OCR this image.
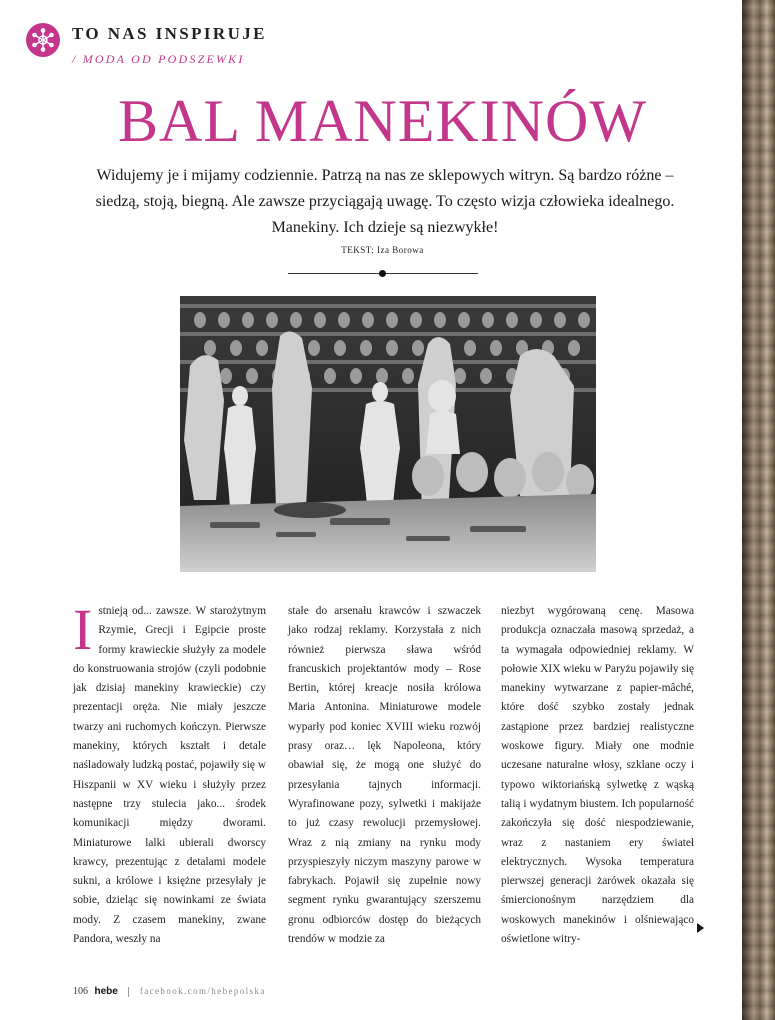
TO NAS INSPIRUJE
/ MODA OD PODSZEWKI
BAL MANEKINÓW
Widujemy je i mijamy codziennie. Patrzą na nas ze sklepowych witryn. Są bardzo różne – siedzą, stoją, biegną. Ale zawsze przyciągają uwagę. To często wizja człowieka idealnego. Manekiny. Ich dzieje są niezwykłe!
TEKST: Iza Borowa
Istnieją od... zawsze. W starożytnym Rzymie, Grecji i Egipcie proste formy krawieckie służyły za modele do konstruowania strojów (czyli podobnie jak dzisiaj manekiny krawieckie) czy prezentacji oręża. Nie miały jeszcze twarzy ani ruchomych kończyn. Pierwsze manekiny, których kształt i detale naśladowały ludzką postać, pojawiły się w Hiszpanii w XV wieku i służyły przez następne trzy stulecia jako... środek komunikacji między dworami. Miniaturowe lalki ubierali dworscy krawcy, prezentując z detalami modele sukni, a królowe i księżne przesyłały je sobie, dzieląc się nowinkami ze świata mody. Z czasem manekiny, zwane Pandora, weszły na
stałe do arsenału krawców i szwaczek jako rodzaj reklamy. Korzystała z nich również pierwsza sława wśród francuskich projektantów mody – Rose Bertin, której kreacje nosiła królowa Maria Antonina. Miniaturowe modele wyparły pod koniec XVIII wieku rozwój prasy oraz… lęk Napoleona, który obawiał się, że mogą one służyć do przesyłania tajnych informacji. Wyrafinowane pozy, sylwetki i makijaże to już czasy rewolucji przemysłowej. Wraz z nią zmiany na rynku mody przyspieszyły niczym maszyny parowe w fabrykach. Pojawił się zupełnie nowy segment rynku gwarantujący szerszemu gronu odbiorców dostęp do bieżących trendów w modzie za
niezbyt wygórowaną cenę. Masowa produkcja oznaczała masową sprzedaż, a ta wymagała odpowiedniej reklamy. W połowie XIX wieku w Paryżu pojawiły się manekiny wytwarzane z papier-mâché, które dość szybko zostały jednak zastąpione przez bardziej realistyczne woskowe figury. Miały one modnie uczesane naturalne włosy, szklane oczy i typowo wiktoriańską sylwetkę z wąską talią i wydatnym biustem. Ich popularność zakończyła się dość niespodziewanie, wraz z nastaniem ery świateł elektrycznych. Wysoka temperatura pierwszej generacji żarówek okazała się śmiercionośnym narzędziem dla woskowych manekinów i olśniewająco oświetlone witry-
106 hebe facebook.com/hebepolska
